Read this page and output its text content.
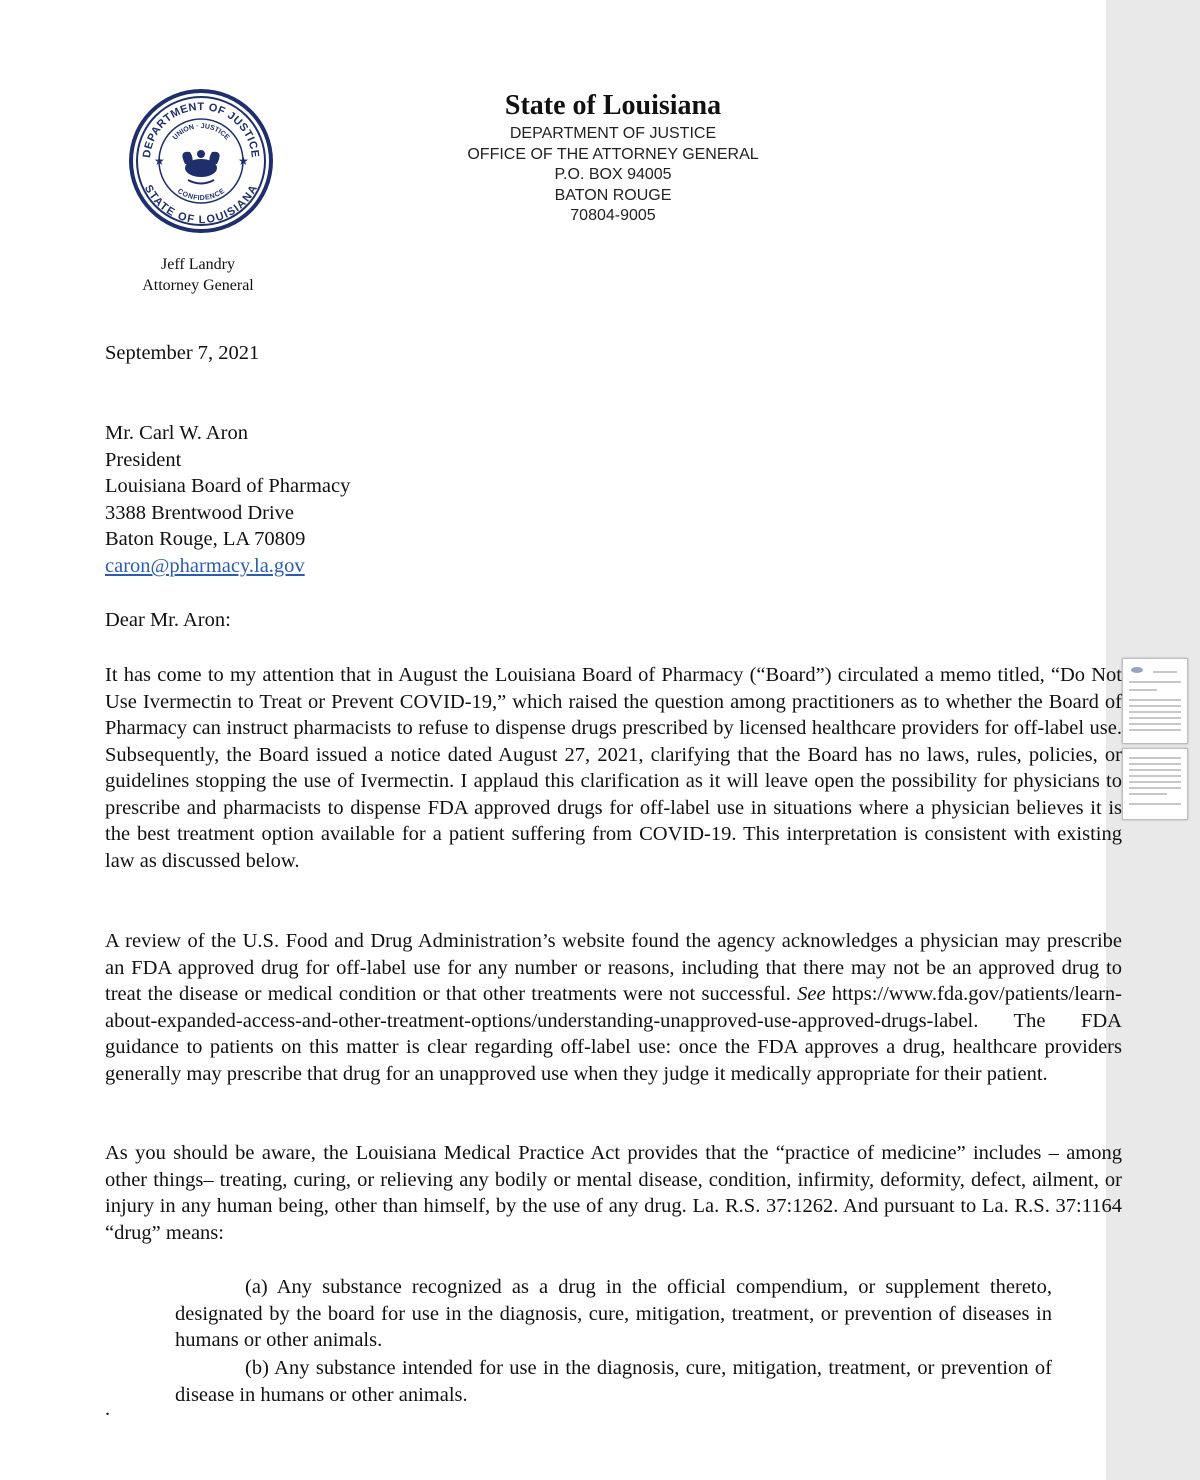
DEPARTMENT OF JUSTICE
STATE OF LOUISIANA
UNION · JUSTICE
CONFIDENCE
★	★
Jeff Landry
Attorney General
State of Louisiana
DEPARTMENT OF JUSTICE
OFFICE OF THE ATTORNEY GENERAL
P.O. BOX 94005
BATON ROUGE
70804-9005
September 7, 2021
Mr. Carl W. Aron
President
Louisiana Board of Pharmacy
3388 Brentwood Drive
Baton Rouge, LA 70809
caron@pharmacy.la.gov
Dear Mr. Aron:
It has come to my attention that in August the Louisiana Board of Pharmacy (“Board”) circulated a memo titled, “Do Not Use Ivermectin to Treat or Prevent COVID-19,” which raised the question among practitioners as to whether the Board of Pharmacy can instruct pharmacists to refuse to dispense drugs prescribed by licensed healthcare providers for off-label use. Subsequently, the Board issued a notice dated August 27, 2021, clarifying that the Board has no laws, rules, policies, or guidelines stopping the use of Ivermectin. I applaud this clarification as it will leave open the possibility for physicians to prescribe and pharmacists to dispense FDA approved drugs for off-label use in situations where a physician believes it is the best treatment option available for a patient suffering from COVID-19. This interpretation is consistent with existing law as discussed below.
A review of the U.S. Food and Drug Administration’s website found the agency acknowledges a physician may prescribe an FDA approved drug for off-label use for any number or reasons, including that there may not be an approved drug to treat the disease or medical condition or that other treatments were not successful. See https://www.fda.gov/patients/learn-about-expanded-access-and-other-treatment-options/understanding-unapproved-use-approved-drugs-label. The FDA guidance to patients on this matter is clear regarding off-label use: once the FDA approves a drug, healthcare providers generally may prescribe that drug for an unapproved use when they judge it medically appropriate for their patient.
As you should be aware, the Louisiana Medical Practice Act provides that the “practice of medicine” includes – among other things– treating, curing, or relieving any bodily or mental disease, condition, infirmity, deformity, defect, ailment, or injury in any human being, other than himself, by the use of any drug. La. R.S. 37:1262. And pursuant to La. R.S. 37:1164 “drug” means:
(a) Any substance recognized as a drug in the official compendium, or supplement thereto, designated by the board for use in the diagnosis, cure, mitigation, treatment, or prevention of diseases in humans or other animals.
(b) Any substance intended for use in the diagnosis, cure, mitigation, treatment, or prevention of disease in humans or other animals.
.
